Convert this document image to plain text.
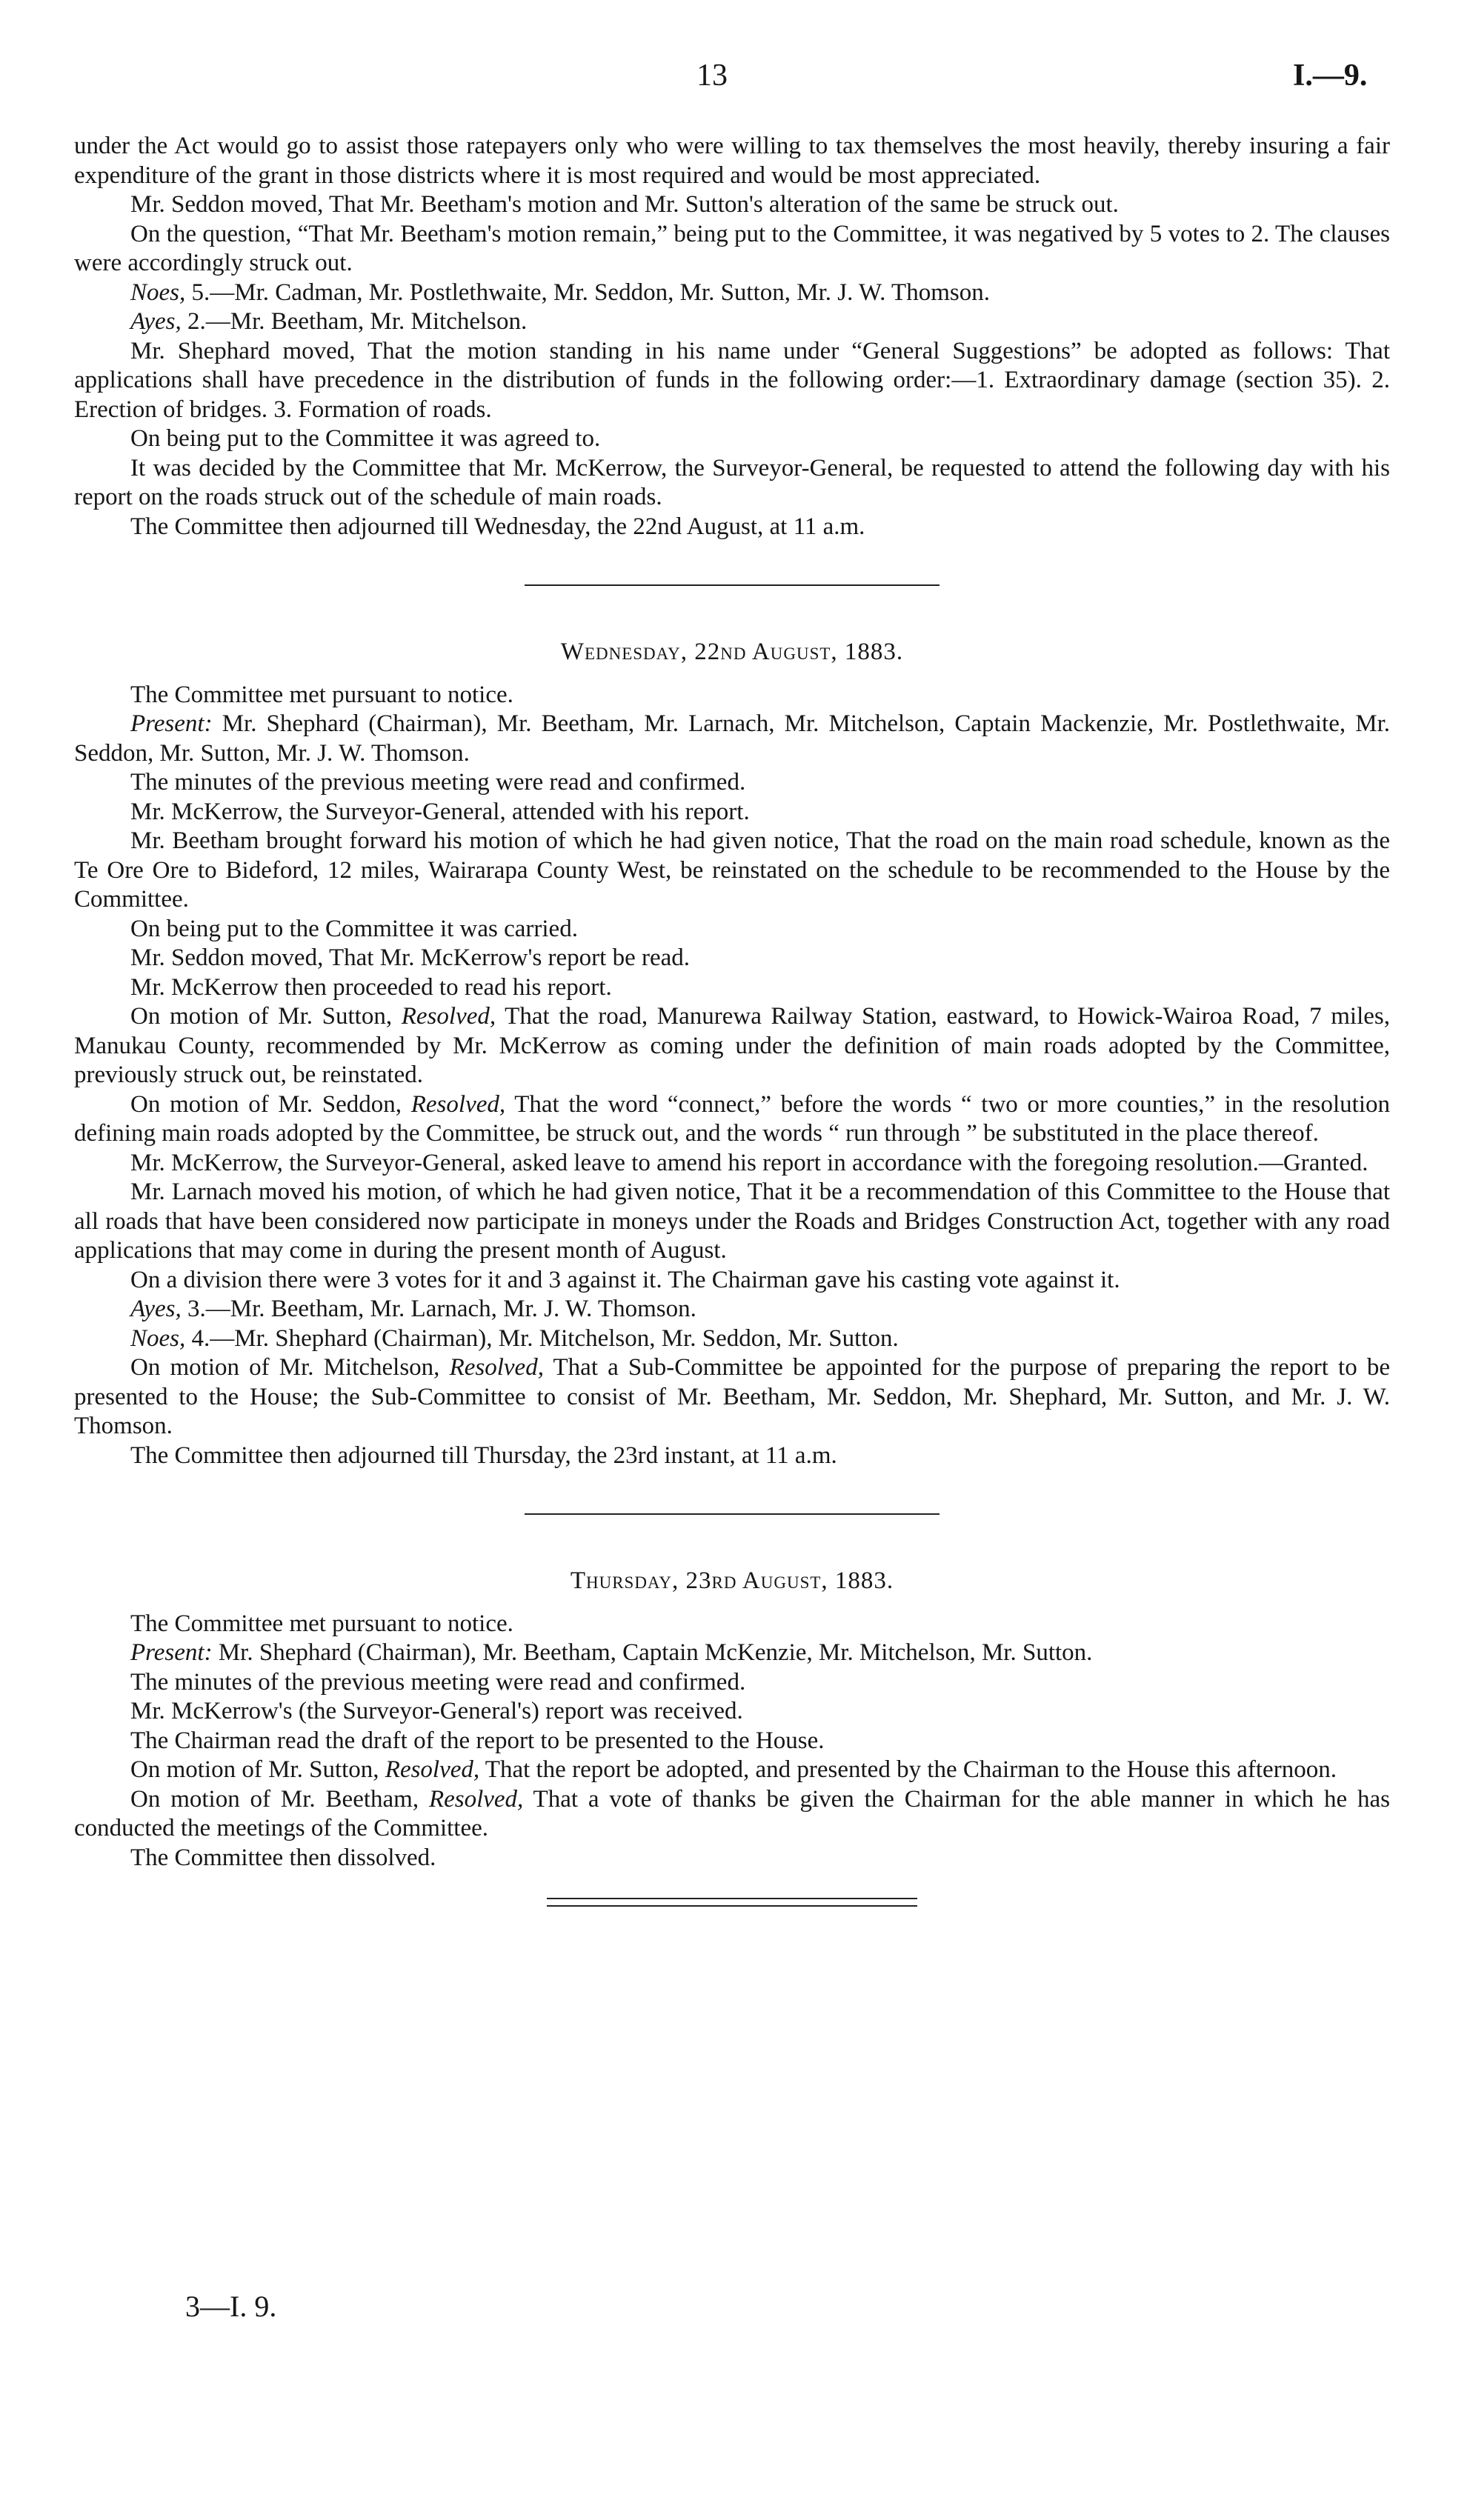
13	I.—9.

under the Act would go to assist those ratepayers only who were willing to tax themselves the most heavily, thereby insuring a fair expenditure of the grant in those districts where it is most required and would be most appreciated.

Mr. Seddon moved, That Mr. Beetham's motion and Mr. Sutton's alteration of the same be struck out.

On the question, “That Mr. Beetham's motion remain,” being put to the Committee, it was negatived by 5 votes to 2. The clauses were accordingly struck out.

Noes, 5.—Mr. Cadman, Mr. Postlethwaite, Mr. Seddon, Mr. Sutton, Mr. J. W. Thomson.

Ayes, 2.—Mr. Beetham, Mr. Mitchelson.

Mr. Shephard moved, That the motion standing in his name under “General Suggestions” be adopted as follows: That applications shall have precedence in the distribution of funds in the following order:—1. Extraordinary damage (section 35). 2. Erection of bridges. 3. Formation of roads.

On being put to the Committee it was agreed to.

It was decided by the Committee that Mr. McKerrow, the Surveyor-General, be requested to attend the following day with his report on the roads struck out of the schedule of main roads.

The Committee then adjourned till Wednesday, the 22nd August, at 11 a.m.

Wednesday, 22nd August, 1883.

The Committee met pursuant to notice.

Present: Mr. Shephard (Chairman), Mr. Beetham, Mr. Larnach, Mr. Mitchelson, Captain Mackenzie, Mr. Postlethwaite, Mr. Seddon, Mr. Sutton, Mr. J. W. Thomson.

The minutes of the previous meeting were read and confirmed.

Mr. McKerrow, the Surveyor-General, attended with his report.

Mr. Beetham brought forward his motion of which he had given notice, That the road on the main road schedule, known as the Te Ore Ore to Bideford, 12 miles, Wairarapa County West, be reinstated on the schedule to be recommended to the House by the Committee.

On being put to the Committee it was carried.

Mr. Seddon moved, That Mr. McKerrow's report be read.

Mr. McKerrow then proceeded to read his report.

On motion of Mr. Sutton, Resolved, That the road, Manurewa Railway Station, eastward, to Howick-Wairoa Road, 7 miles, Manukau County, recommended by Mr. McKerrow as coming under the definition of main roads adopted by the Committee, previously struck out, be reinstated.

On motion of Mr. Seddon, Resolved, That the word “connect,” before the words “ two or more counties,” in the resolution defining main roads adopted by the Committee, be struck out, and the words “ run through ” be substituted in the place thereof.

Mr. McKerrow, the Surveyor-General, asked leave to amend his report in accordance with the foregoing resolution.—Granted.

Mr. Larnach moved his motion, of which he had given notice, That it be a recommendation of this Committee to the House that all roads that have been considered now participate in moneys under the Roads and Bridges Construction Act, together with any road applications that may come in during the present month of August.

On a division there were 3 votes for it and 3 against it. The Chairman gave his casting vote against it.

Ayes, 3.—Mr. Beetham, Mr. Larnach, Mr. J. W. Thomson.

Noes, 4.—Mr. Shephard (Chairman), Mr. Mitchelson, Mr. Seddon, Mr. Sutton.

On motion of Mr. Mitchelson, Resolved, That a Sub-Committee be appointed for the purpose of preparing the report to be presented to the House; the Sub-Committee to consist of Mr. Beetham, Mr. Seddon, Mr. Shephard, Mr. Sutton, and Mr. J. W. Thomson.

The Committee then adjourned till Thursday, the 23rd instant, at 11 a.m.

Thursday, 23rd August, 1883.

The Committee met pursuant to notice.

Present: Mr. Shephard (Chairman), Mr. Beetham, Captain McKenzie, Mr. Mitchelson, Mr. Sutton.

The minutes of the previous meeting were read and confirmed.

Mr. McKerrow's (the Surveyor-General's) report was received.

The Chairman read the draft of the report to be presented to the House.

On motion of Mr. Sutton, Resolved, That the report be adopted, and presented by the Chairman to the House this afternoon.

On motion of Mr. Beetham, Resolved, That a vote of thanks be given the Chairman for the able manner in which he has conducted the meetings of the Committee.

The Committee then dissolved.

3—I. 9.
